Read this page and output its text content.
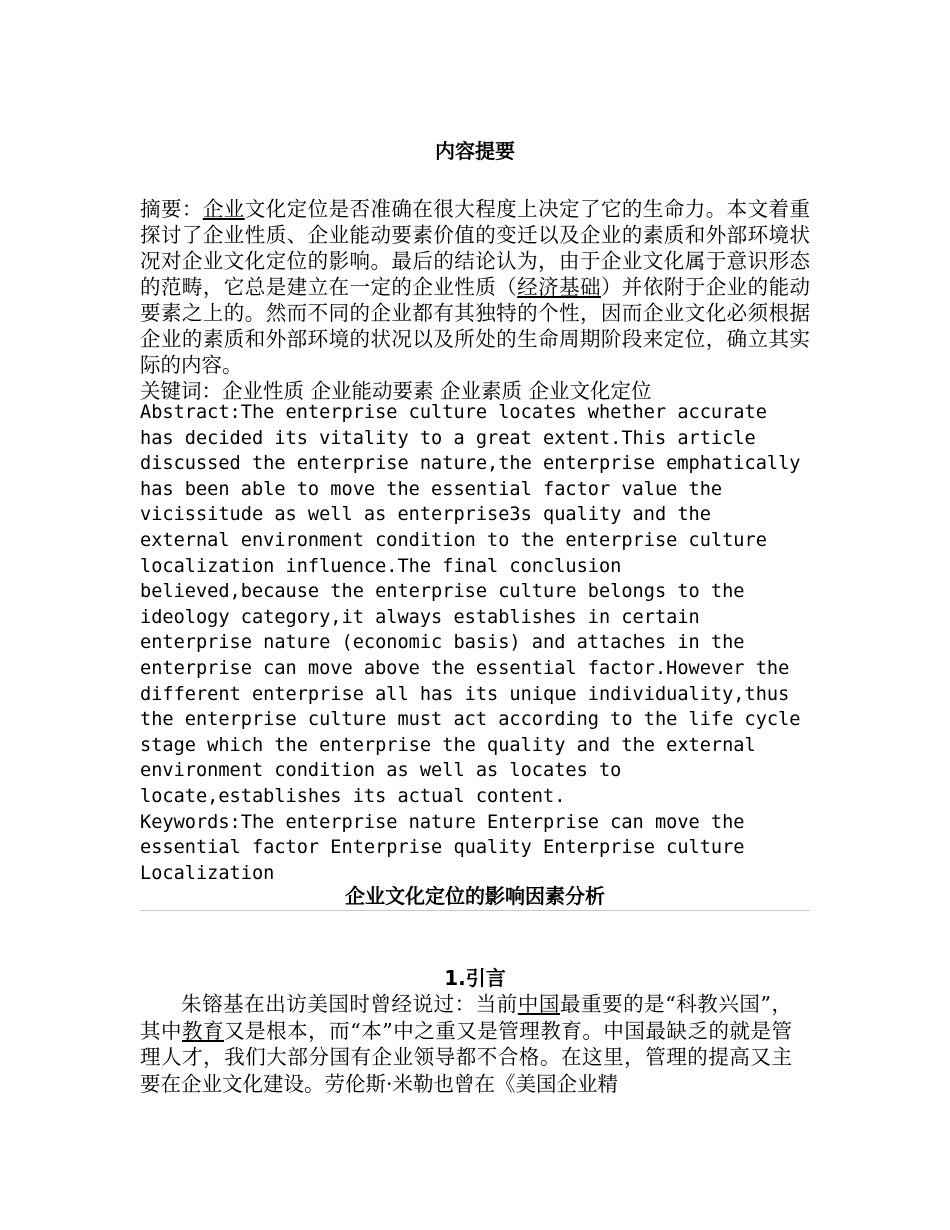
内容提要

摘要：企业文化定位是否准确在很大程度上决定了它的生命力。本文着重探讨了企业性质、企业能动要素价值的变迁以及企业的素质和外部环境状况对企业文化定位的影响。最后的结论认为，由于企业文化属于意识形态的范畴，它总是建立在一定的企业性质（经济基础）并依附于企业的能动要素之上的。然而不同的企业都有其独特的个性，因而企业文化必须根据企业的素质和外部环境的状况以及所处的生命周期阶段来定位，确立其实际的内容。

关键词：企业性质 企业能动要素 企业素质 企业文化定位

Abstract:The enterprise culture locates whether accurate has decided its vitality to a great extent.This article discussed the enterprise nature,the enterprise emphatically has been able to move the essential factor value the vicissitude as well as enterprise3s quality and the external environment condition to the enterprise culture localization influence.The final conclusion believed,because the enterprise culture belongs to the ideology category,it always establishes in certain enterprise nature (economic basis) and attaches in the enterprise can move above the essential factor.However the different enterprise all has its unique individuality,thus the enterprise culture must act according to the life cycle stage which the enterprise the quality and the external environment condition as well as locates to locate,establishes its actual content.

Keywords:The enterprise nature Enterprise can move the essential factor Enterprise quality Enterprise culture Localization

企业文化定位的影响因素分析
1.引言

朱镕基在出访美国时曾经说过：当前中国最重要的是“科教兴国”，其中教育又是根本，而“本”中之重又是管理教育。中国最缺乏的就是管理人才，我们大部分国有企业领导都不合格。在这里，管理的提高又主要在企业文化建设。劳伦斯·米勒也曾在《美国企业精
